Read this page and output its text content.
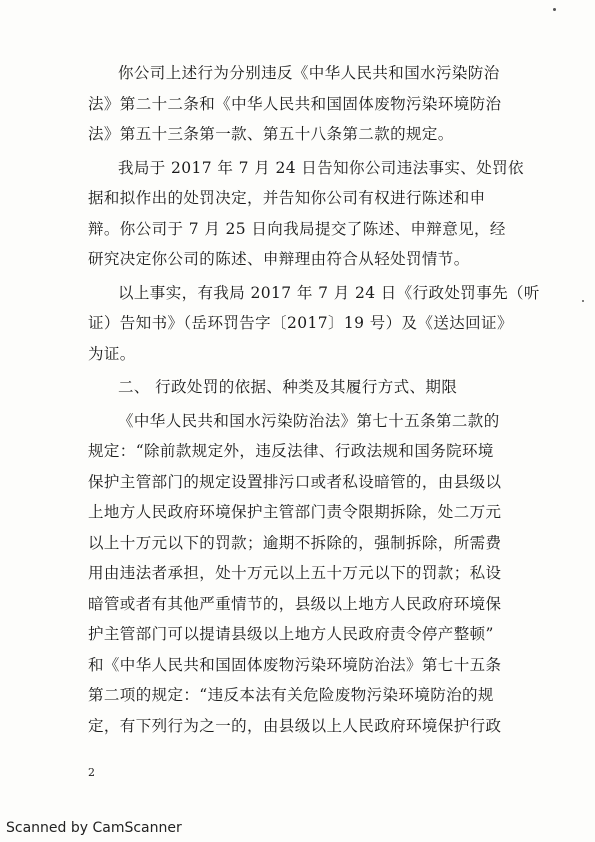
你公司上述行为分别违反《中华人民共和国水污染防治
法》第二十二条和《中华人民共和国固体废物污染环境防治
法》第五十三条第一款、第五十八条第二款的规定。
我局于 2017 年 7 月 24 日告知你公司违法事实、处罚依
据和拟作出的处罚决定，并告知你公司有权进行陈述和申
辩。你公司于 7 月 25 日向我局提交了陈述、申辩意见，经
研究决定你公司的陈述、申辩理由符合从轻处罚情节。
以上事实，有我局 2017 年 7 月 24 日《行政处罚事先（听
证）告知书》（岳环罚告字〔2017〕19 号）及《送达回证》
为证。
二、 行政处罚的依据、种类及其履行方式、期限
《中华人民共和国水污染防治法》第七十五条第二款的
规定：“除前款规定外，违反法律、行政法规和国务院环境
保护主管部门的规定设置排污口或者私设暗管的，由县级以
上地方人民政府环境保护主管部门责令限期拆除，处二万元
以上十万元以下的罚款；逾期不拆除的，强制拆除，所需费
用由违法者承担，处十万元以上五十万元以下的罚款；私设
暗管或者有其他严重情节的，县级以上地方人民政府环境保
护主管部门可以提请县级以上地方人民政府责令停产整顿”
和《中华人民共和国固体废物污染环境防治法》第七十五条
第二项的规定：“违反本法有关危险废物污染环境防治的规
定，有下列行为之一的，由县级以上人民政府环境保护行政
2
Scanned by CamScanner
